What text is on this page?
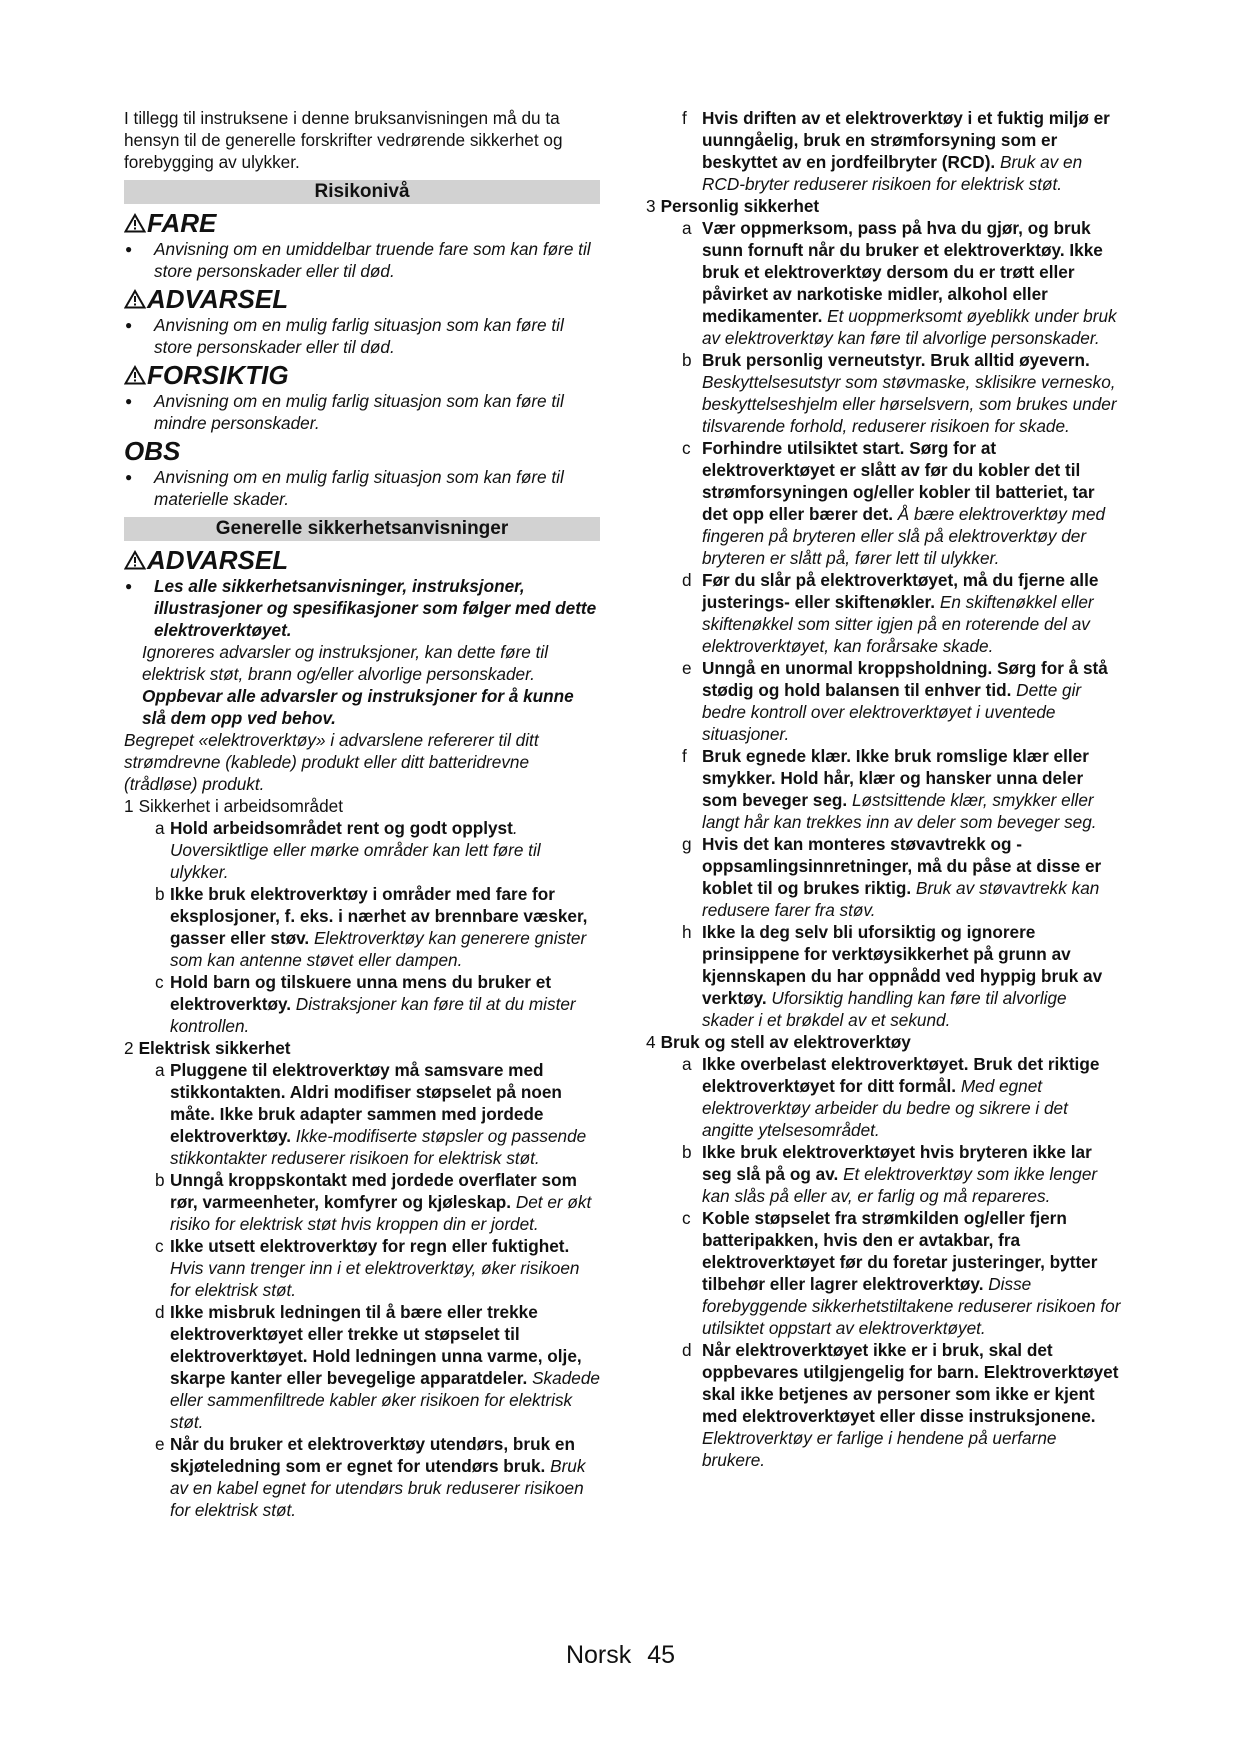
I tillegg til instruksene i denne bruksanvisningen må du ta hensyn til de generelle forskrifter vedrørende sikkerhet og forebygging av ulykker.

Risikonivå
FARE

● Anvisning om en umiddelbar truende fare som kan føre til store personskader eller til død.

ADVARSEL

● Anvisning om en mulig farlig situasjon som kan føre til store personskader eller til død.

FORSIKTIG

● Anvisning om en mulig farlig situasjon som kan føre til mindre personskader.

OBS

● Anvisning om en mulig farlig situasjon som kan føre til materielle skader.

Generelle sikkerhetsanvisninger
ADVARSEL

● Les alle sikkerhetsanvisninger, instruksjoner, illustrasjoner og spesifikasjoner som følger med dette elektroverktøyet.

Ignoreres advarsler og instruksjoner, kan dette føre til elektrisk støt, brann og/eller alvorlige personskader.

Oppbevar alle advarsler og instruksjoner for å kunne slå dem opp ved behov.

Begrepet «elektroverktøy» i advarslene refererer til ditt strømdrevne (kablede) produkt eller ditt batteridrevne (trådløse) produkt.

1 Sikkerhet i arbeidsområdet

a Hold arbeidsområdet rent og godt opplyst. Uoversiktlige eller mørke områder kan lett føre til ulykker.

b Ikke bruk elektroverktøy i områder med fare for eksplosjoner, f. eks. i nærhet av brennbare væsker, gasser eller støv. Elektroverktøy kan generere gnister som kan antenne støvet eller dampen.

c Hold barn og tilskuere unna mens du bruker et elektroverktøy. Distraksjoner kan føre til at du mister kontrollen.

2 Elektrisk sikkerhet

a Pluggene til elektroverktøy må samsvare med stikkontakten. Aldri modifiser støpselet på noen måte. Ikke bruk adapter sammen med jordede elektroverktøy. Ikke-modifiserte støpsler og passende stikkontakter reduserer risikoen for elektrisk støt.

b Unngå kroppskontakt med jordede overflater som rør, varmeenheter, komfyrer og kjøleskap. Det er økt risiko for elektrisk støt hvis kroppen din er jordet.

c Ikke utsett elektroverktøy for regn eller fuktighet. Hvis vann trenger inn i et elektroverktøy, øker risikoen for elektrisk støt.

d Ikke misbruk ledningen til å bære eller trekke elektroverktøyet eller trekke ut støpselet til elektroverktøyet. Hold ledningen unna varme, olje, skarpe kanter eller bevegelige apparatdeler. Skadede eller sammenfiltrede kabler øker risikoen for elektrisk støt.

e Når du bruker et elektroverktøy utendørs, bruk en skjøteledning som er egnet for utendørs bruk. Bruk av en kabel egnet for utendørs bruk reduserer risikoen for elektrisk støt.

f Hvis driften av et elektroverktøy i et fuktig miljø er uunngåelig, bruk en strømforsyning som er beskyttet av en jordfeilbryter (RCD). Bruk av en RCD-bryter reduserer risikoen for elektrisk støt.

3 Personlig sikkerhet

a Vær oppmerksom, pass på hva du gjør, og bruk sunn fornuft når du bruker et elektroverktøy. Ikke bruk et elektroverktøy dersom du er trøtt eller påvirket av narkotiske midler, alkohol eller medikamenter. Et uoppmerksomt øyeblikk under bruk av elektroverktøy kan føre til alvorlige personskader.

b Bruk personlig verneutstyr. Bruk alltid øyevern. Beskyttelsesutstyr som støvmaske, sklisikre vernesko, beskyttelseshjelm eller hørselsvern, som brukes under tilsvarende forhold, reduserer risikoen for skade.

c Forhindre utilsiktet start. Sørg for at elektroverktøyet er slått av før du kobler det til strømforsyningen og/eller kobler til batteriet, tar det opp eller bærer det. Å bære elektroverktøy med fingeren på bryteren eller slå på elektroverktøy der bryteren er slått på, fører lett til ulykker.

d Før du slår på elektroverktøyet, må du fjerne alle justerings- eller skiftenøkler. En skiftenøkkel eller skiftenøkkel som sitter igjen på en roterende del av elektroverktøyet, kan forårsake skade.

e Unngå en unormal kroppsholdning. Sørg for å stå stødig og hold balansen til enhver tid. Dette gir bedre kontroll over elektroverktøyet i uventede situasjoner.

f Bruk egnede klær. Ikke bruk romslige klær eller smykker. Hold hår, klær og hansker unna deler som beveger seg. Løstsittende klær, smykker eller langt hår kan trekkes inn av deler som beveger seg.

g Hvis det kan monteres støvavtrekk og -oppsamlingsinnretninger, må du påse at disse er koblet til og brukes riktig. Bruk av støvavtrekk kan redusere farer fra støv.

h Ikke la deg selv bli uforsiktig og ignorere prinsippene for verktøysikkerhet på grunn av kjennskapen du har oppnådd ved hyppig bruk av verktøy. Uforsiktig handling kan føre til alvorlige skader i et brøkdel av et sekund.

4 Bruk og stell av elektroverktøy

a Ikke overbelast elektroverktøyet. Bruk det riktige elektroverktøyet for ditt formål. Med egnet elektroverktøy arbeider du bedre og sikrere i det angitte ytelsesområdet.

b Ikke bruk elektroverktøyet hvis bryteren ikke lar seg slå på og av. Et elektroverktøy som ikke lenger kan slås på eller av, er farlig og må repareres.

c Koble støpselet fra strømkilden og/eller fjern batteripakken, hvis den er avtakbar, fra elektroverktøyet før du foretar justeringer, bytter tilbehør eller lagrer elektroverktøy. Disse forebyggende sikkerhetstiltakene reduserer risikoen for utilsiktet oppstart av elektroverktøyet.

d Når elektroverktøyet ikke er i bruk, skal det oppbevares utilgjengelig for barn. Elektroverktøyet skal ikke betjenes av personer som ikke er kjent med elektroverktøyet eller disse instruksjonene. Elektroverktøy er farlige i hendene på uerfarne brukere.

Norsk 45
